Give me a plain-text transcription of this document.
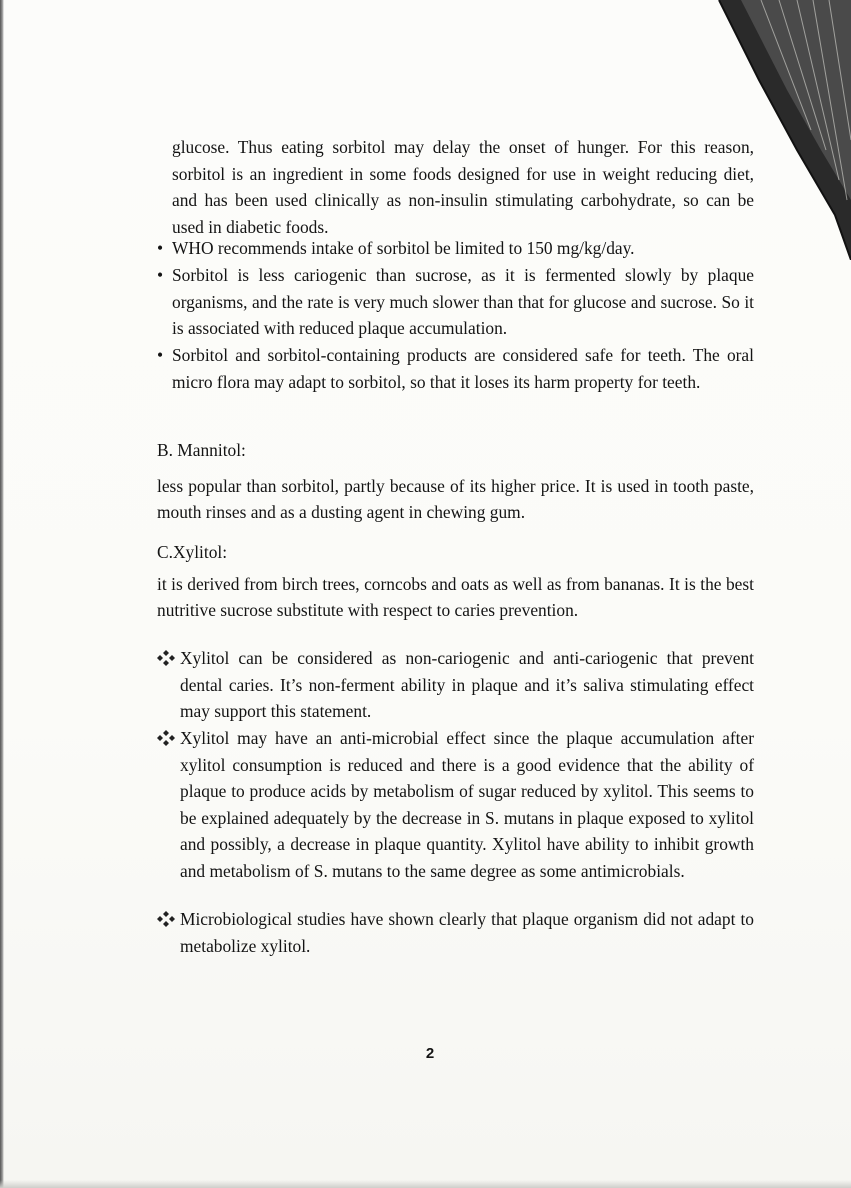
glucose. Thus eating sorbitol may delay the onset of hunger. For this reason, sorbitol is an ingredient in some foods designed for use in weight reducing diet, and has been used clinically as non-insulin stimulating carbohydrate, so can be used in diabetic foods.
• WHO recommends intake of sorbitol be limited to 150 mg/kg/day.
• Sorbitol is less cariogenic than sucrose, as it is fermented slowly by plaque organisms, and the rate is very much slower than that for glucose and sucrose. So it is associated with reduced plaque accumulation.
• Sorbitol and sorbitol-containing products are considered safe for teeth. The oral micro flora may adapt to sorbitol, so that it loses its harm property for teeth.
B. Mannitol:
less popular than sorbitol, partly because of its higher price. It is used in tooth paste, mouth rinses and as a dusting agent in chewing gum.
C.Xylitol:
it is derived from birch trees, corncobs and oats as well as from bananas. It is the best nutritive sucrose substitute with respect to caries prevention.
Xylitol can be considered as non-cariogenic and anti-cariogenic that prevent dental caries. It’s non-ferment ability in plaque and it’s saliva stimulating effect may support this statement.
Xylitol may have an anti-microbial effect since the plaque accumulation after xylitol consumption is reduced and there is a good evidence that the ability of plaque to produce acids by metabolism of sugar reduced by xylitol. This seems to be explained adequately by the decrease in S. mutans in plaque exposed to xylitol and possibly, a decrease in plaque quantity. Xylitol have ability to inhibit growth and metabolism of S. mutans to the same degree as some antimicrobials.
Microbiological studies have shown clearly that plaque organism did not adapt to metabolize xylitol.
2
